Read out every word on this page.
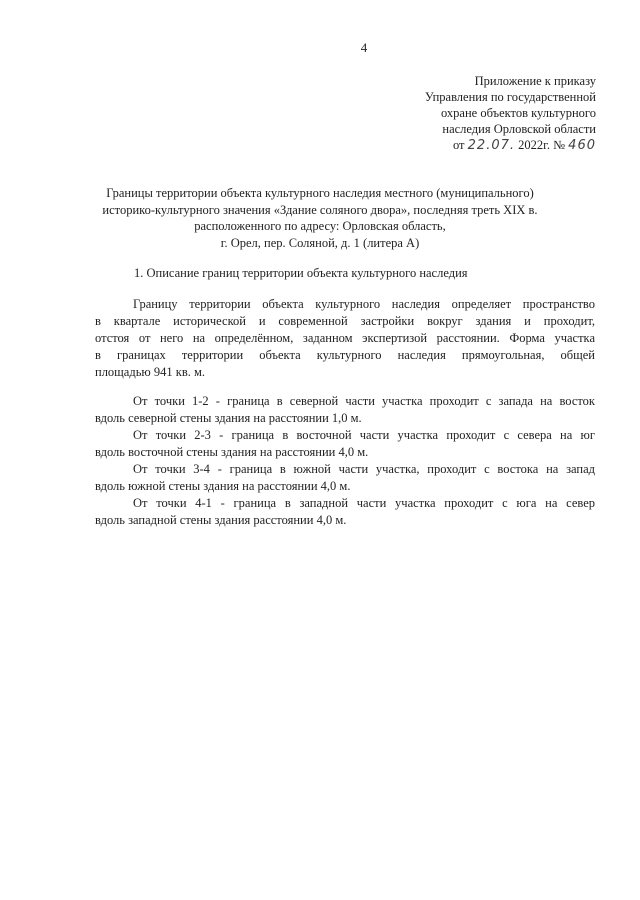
4
Приложение к приказу
Управления по государственной
охране объектов культурного
наследия Орловской области
от 22.07. 2022г. № 460
Границы территории объекта культурного наследия местного (муниципального)
историко-культурного значения «Здание соляного двора», последняя треть XIX в.
расположенного по адресу: Орловская область,
г. Орел, пер. Соляной, д. 1 (литера А)
1. Описание границ территории объекта культурного наследия
Границу территории объекта культурного наследия определяет пространство
в квартале исторической и современной застройки вокруг здания и проходит,
отстоя от него на определённом, заданном экспертизой расстоянии. Форма участка
в границах территории объекта культурного наследия прямоугольная, общей
площадью 941 кв. м.
От точки 1-2 - граница в северной части участка проходит с запада на восток
вдоль северной стены здания на расстоянии 1,0 м.
От точки 2-3 - граница в восточной части участка проходит с севера на юг
вдоль восточной стены здания на расстоянии 4,0 м.
От точки 3-4 - граница в южной части участка, проходит с востока на запад
вдоль южной стены здания на расстоянии 4,0 м.
От точки 4-1 - граница в западной части участка проходит с юга на север
вдоль западной стены здания расстоянии 4,0 м.
